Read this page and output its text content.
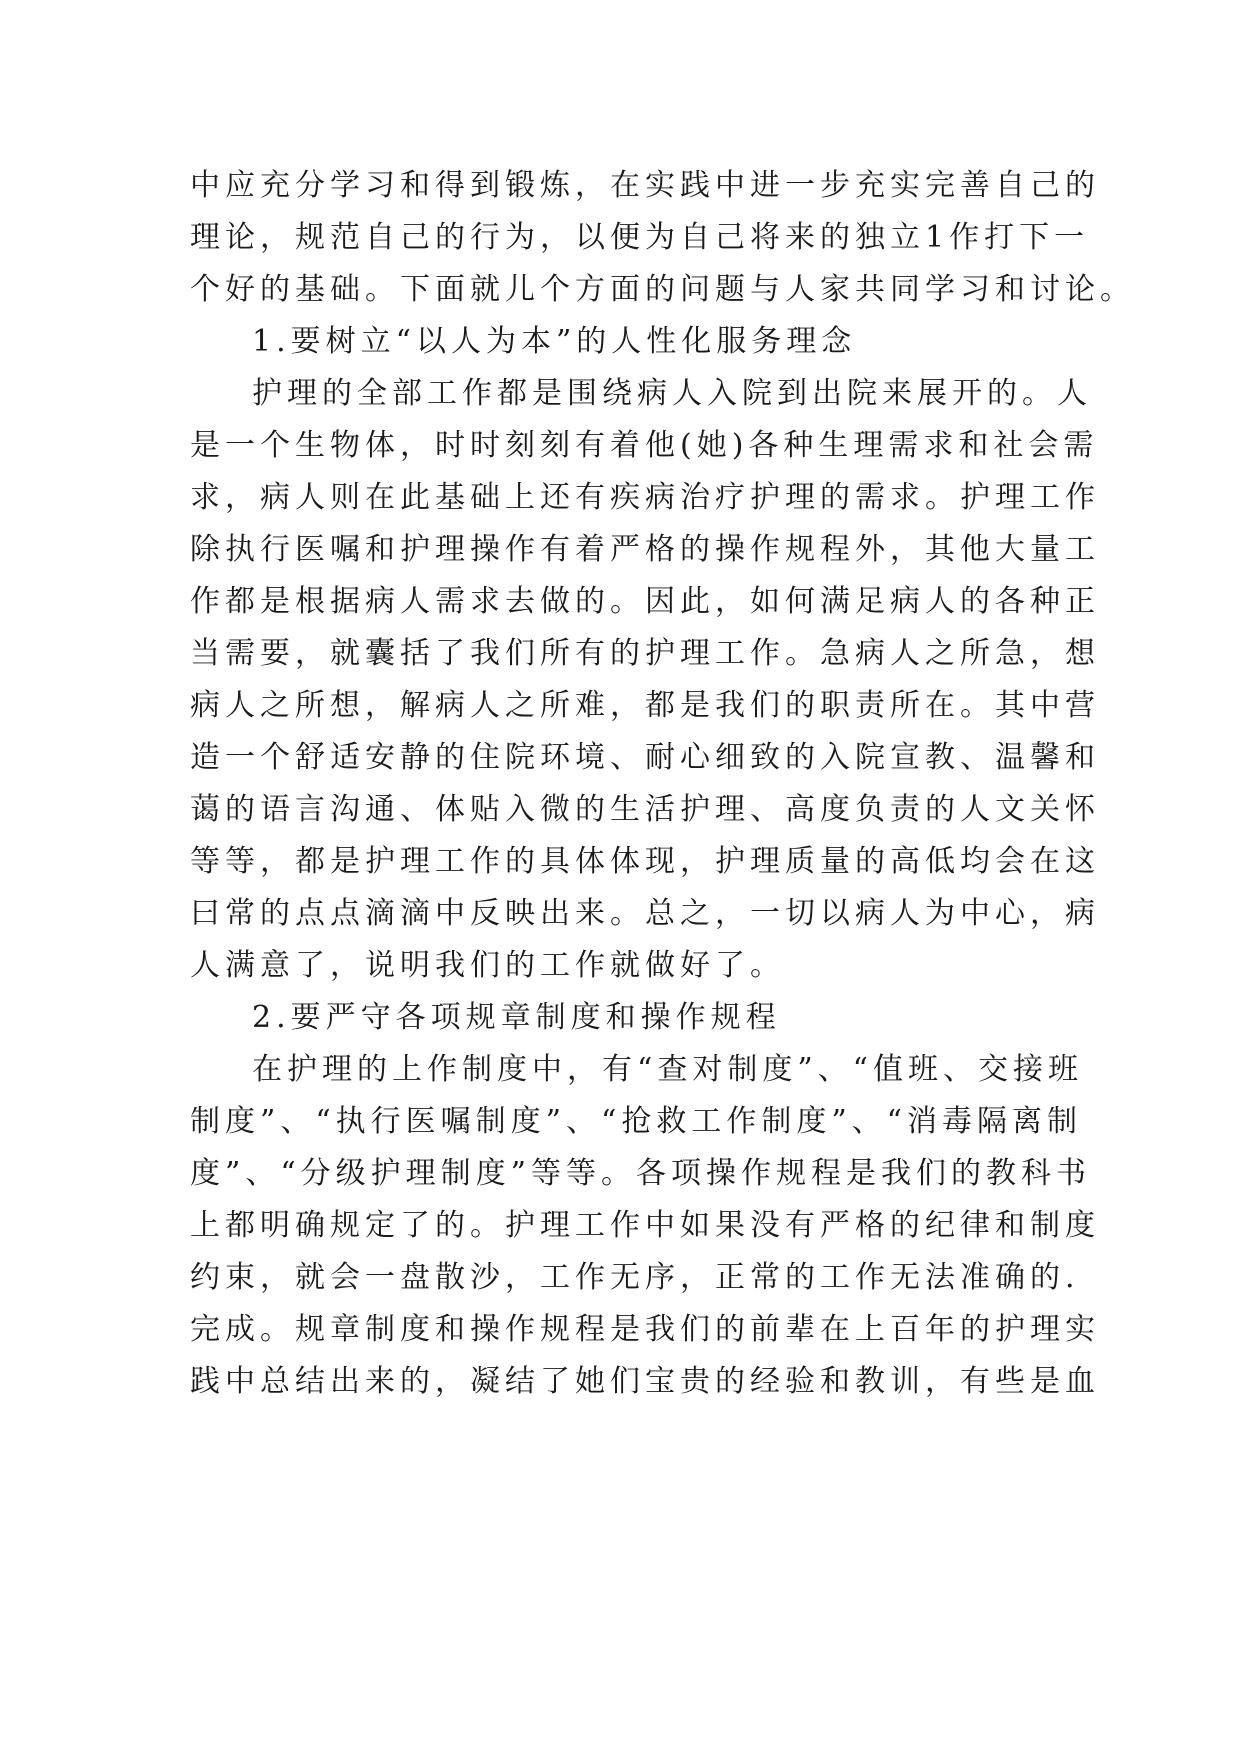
中应充分学习和得到锻炼，在实践中进一步充实完善自己的
理论，规范自己的行为，以便为自己将来的独立1作打下一
个好的基础。下面就儿个方面的问题与人家共同学习和讨论。
1.要树立“以人为本”的人性化服务理念
护理的全部工作都是围绕病人入院到出院来展开的。人
是一个生物体，时时刻刻有着他(她)各种生理需求和社会需
求，病人则在此基础上还有疾病治疗护理的需求。护理工作
除执行医嘱和护理操作有着严格的操作规程外，其他大量工
作都是根据病人需求去做的。因此，如何满足病人的各种正
当需要，就囊括了我们所有的护理工作。急病人之所急，想
病人之所想，解病人之所难，都是我们的职责所在。其中营
造一个舒适安静的住院环境、耐心细致的入院宣教、温馨和
蔼的语言沟通、体贴入微的生活护理、高度负责的人文关怀
等等，都是护理工作的具体体现，护理质量的高低均会在这
曰常的点点滴滴中反映出来。总之，一切以病人为中心，病
人满意了，说明我们的工作就做好了。
2.要严守各项规章制度和操作规程
在护理的上作制度中，有“查对制度”、“值班、交接班
制度”、“执行医嘱制度”、“抢救工作制度”、“消毒隔离制
度”、“分级护理制度”等等。各项操作规程是我们的教科书
上都明确规定了的。护理工作中如果没有严格的纪律和制度
约束，就会一盘散沙，工作无序，正常的工作无法准确的.
完成。规章制度和操作规程是我们的前辈在上百年的护理实
践中总结出来的，凝结了她们宝贵的经验和教训，有些是血
